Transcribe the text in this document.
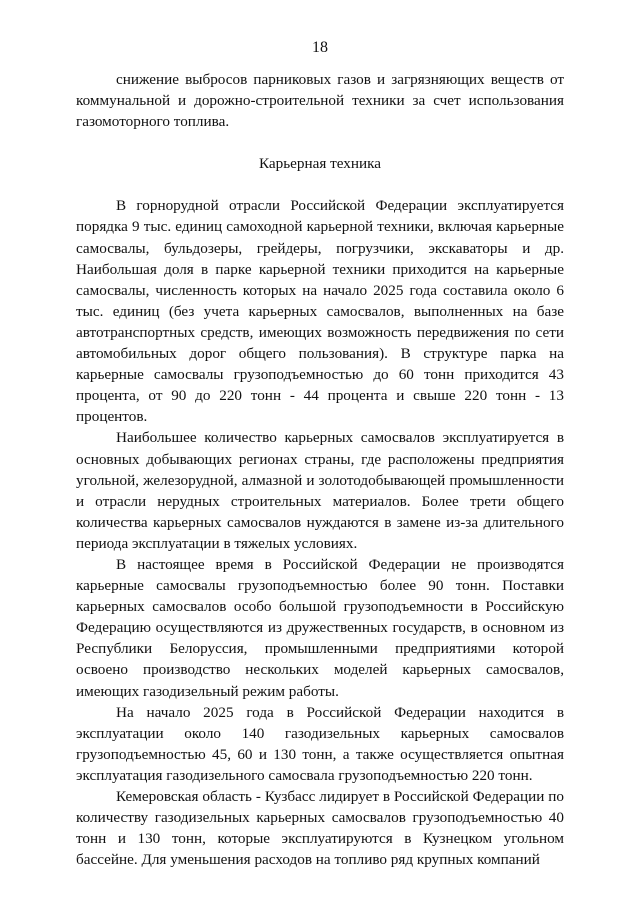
18

снижение выбросов парниковых газов и загрязняющих веществ от коммунальной и дорожно-строительной техники за счет использования газомоторного топлива.

Карьерная техника

В горнорудной отрасли Российской Федерации эксплуатируется порядка 9 тыс. единиц самоходной карьерной техники, включая карьерные самосвалы, бульдозеры, грейдеры, погрузчики, экскаваторы и др. Наибольшая доля в парке карьерной техники приходится на карьерные самосвалы, численность которых на начало 2025 года составила около 6 тыс. единиц (без учета карьерных самосвалов, выполненных на базе автотранспортных средств, имеющих возможность передвижения по сети автомобильных дорог общего пользования). В структуре парка на карьерные самосвалы грузоподъемностью до 60 тонн приходится 43 процента, от 90 до 220 тонн - 44 процента и свыше 220 тонн - 13 процентов.

Наибольшее количество карьерных самосвалов эксплуатируется в основных добывающих регионах страны, где расположены предприятия угольной, железорудной, алмазной и золотодобывающей промышленности и отрасли нерудных строительных материалов. Более трети общего количества карьерных самосвалов нуждаются в замене из-за длительного периода эксплуатации в тяжелых условиях.

В настоящее время в Российской Федерации не производятся карьерные самосвалы грузоподъемностью более 90 тонн. Поставки карьерных самосвалов особо большой грузоподъемности в Российскую Федерацию осуществляются из дружественных государств, в основном из Республики Белоруссия, промышленными предприятиями которой освоено производство нескольких моделей карьерных самосвалов, имеющих газодизельный режим работы.

На начало 2025 года в Российской Федерации находится в эксплуатации около 140 газодизельных карьерных самосвалов грузоподъемностью 45, 60 и 130 тонн, а также осуществляется опытная эксплуатация газодизельного самосвала грузоподъемностью 220 тонн.

Кемеровская область - Кузбасс лидирует в Российской Федерации по количеству газодизельных карьерных самосвалов грузоподъемностью 40 тонн и 130 тонн, которые эксплуатируются в Кузнецком угольном бассейне. Для уменьшения расходов на топливо ряд крупных компаний
